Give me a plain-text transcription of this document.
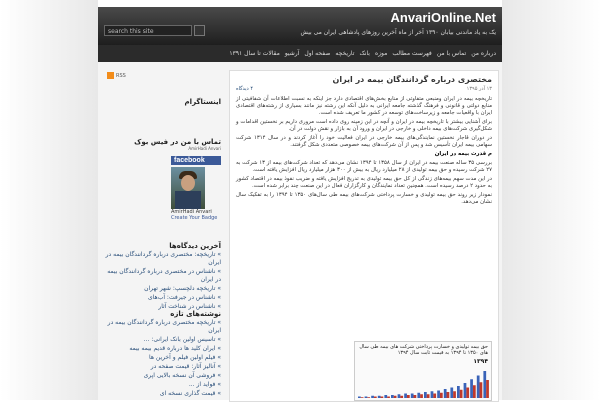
AnvariOnline.Net
یک به یاد ماندنی بیابان ۱۳۹۰ آخر از ماه آخرین روزهای پادشاهی ایران می بیش
search this site
درباره من
تماس با من
فهرست مطالب
موزه
بانک
تاریخچه
صفحه اول
آرشیو
مقالات تا سال ۱۳۹۱
RSS
اینستاگرام
تماس با من در فیس بوک
AmirHadi Anvari
facebook
AmirHadi Anvari
Create Your Badge
آخرین دیدگاه‌ها
» تاریخچه: مختصری درباره گردانندگان بیمه در ایران
» ناشناس در مختصری درباره گردانندگان بیمه در ایران
» تاریخچه دلچسپ: شهر تهران
» ناشناس در جیرفت: آب‌های
» ناشناس در شناخت آثار
نوشته‌های تازه
» تاریخچه مختصری درباره گردانندگان بیمه در ایران
» تاسیس اولین بانک ایرانی: ...
» ایران کلید ها درباره قدیم بیمه بیمه
» فیلم اولین فیلم و آخرین ها
» آنالیز آثار: قیمت صفحه در
» فروشی آن نسخه بالایی اپری
» فواید از ...
» قیمت گذاری نسخه ای
مختصری درباره گردانندگان بیمه در ایران
۱۳ آذر ۱۳۹۵
۴ دیدگاه

تاریخچه بیمه در ایران ومنبعی متفاوتی از منابع بخش‌های اقتصادی دارد جز اینکه به نسبت اطلاعات آن شفافیتی از منابع دولتی و قانونی و فرهنگ گذشته جامعه ایرانی به دلیل آنکه این رشته نیز مانند بسیاری از رشته‌های اقتصادی ایران با واقعیات جامعه و زیرساخت‌های توسعه در کشور ما تعریف شده است.

برای آشنایی بیشتر با تاریخچه بیمه در ایران و آنچه در این زمینه روی داده است مروری داریم بر نخستین اقدامات و شکل‌گیری شرکت‌های بیمه داخلی و خارجی در ایران و ورود آن به بازار و نقش دولت در آن.

در دوران قاجار نخستین نمایندگی‌های بیمه خارجی در ایران فعالیت خود را آغاز کردند و در سال ۱۳۱۴ شرکت سهامی بیمه ایران تأسیس شد و پس از آن شرکت‌های بیمه خصوصی متعددی شکل گرفتند.

م قدرت بیمه در ایران

بررسی ۳۵ ساله صنعت بیمه در ایران از سال ۱۳۵۸ تا ۱۳۹۴ نشان می‌دهد که تعداد شرکت‌های بیمه از ۱۳ شرکت به ۲۷ شرکت رسیده و حق بیمه تولیدی از ۲۸ میلیارد ریال به بیش از ۳۰۰ هزار میلیارد ریال افزایش یافته است.

در این مدت سهم بیمه‌های زندگی از کل حق بیمه تولیدی به تدریج افزایش یافته و ضریب نفوذ بیمه در اقتصاد کشور به حدود ۲ درصد رسیده است. همچنین تعداد نمایندگان و کارگزاران فعال در این صنعت چند برابر شده است.

نمودار زیر روند حق بیمه تولیدی و خسارت پرداختی شرکت‌های بیمه طی سال‌های ۱۳۵۰ تا ۱۳۹۴ را به تفکیک سال نشان می‌دهد.

حق بیمه تولیدی و خسارت پرداختی شرکت های بیمه طی سال های ۱۳۵۰ تا ۱۳۹۴ به قیمت ثابت سال ۱۳۹۴
۱۳۹۴
